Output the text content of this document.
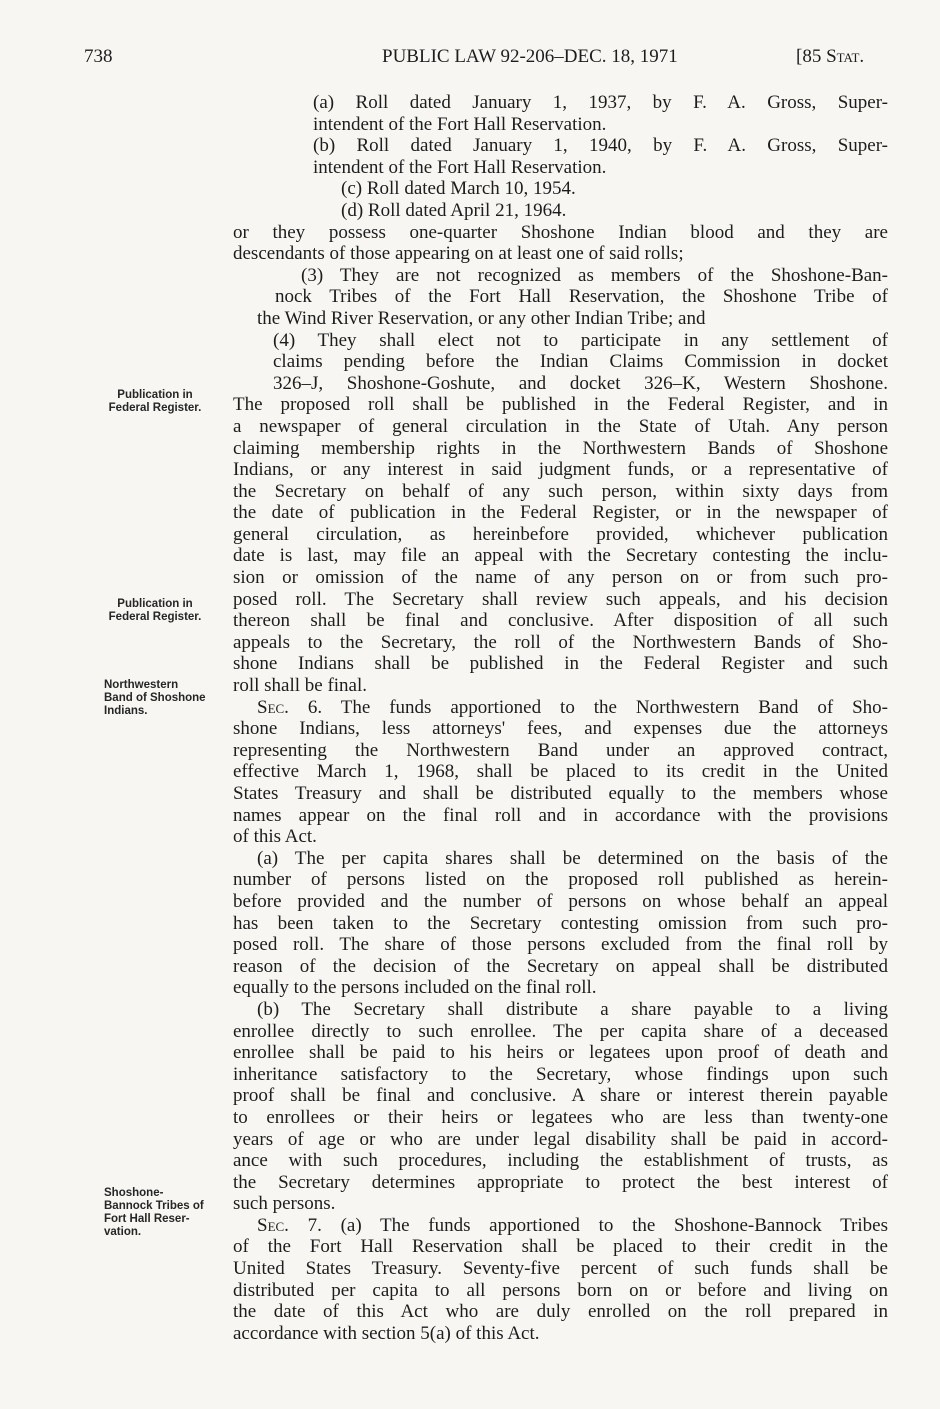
738	PUBLIC LAW 92-206–DEC. 18, 1971	[85 Stat.
Publication in
Federal Register.
Publication in
Federal Register.
Northwestern
Band of Shoshone
Indians.
Shoshone-
Bannock Tribes of
Fort Hall Reser-
vation.
(a) Roll dated January 1, 1937, by F. A. Gross, Super-
intendent of the Fort Hall Reservation.
(b) Roll dated January 1, 1940, by F. A. Gross, Super-
intendent of the Fort Hall Reservation.
(c) Roll dated March 10, 1954.
(d) Roll dated April 21, 1964.
or they possess one-quarter Shoshone Indian blood and they are
descendants of those appearing on at least one of said rolls;
(3) They are not recognized as members of the Shoshone-Ban-
nock Tribes of the Fort Hall Reservation, the Shoshone Tribe of
the Wind River Reservation, or any other Indian Tribe; and
(4) They shall elect not to participate in any settlement of
claims pending before the Indian Claims Commission in docket
326–J, Shoshone-Goshute, and docket 326–K, Western Shoshone.
The proposed roll shall be published in the Federal Register, and in
a newspaper of general circulation in the State of Utah. Any person
claiming membership rights in the Northwestern Bands of Shoshone
Indians, or any interest in said judgment funds, or a representative of
the Secretary on behalf of any such person, within sixty days from
the date of publication in the Federal Register, or in the newspaper of
general circulation, as hereinbefore provided, whichever publication
date is last, may file an appeal with the Secretary contesting the inclu-
sion or omission of the name of any person on or from such pro-
posed roll. The Secretary shall review such appeals, and his decision
thereon shall be final and conclusive. After disposition of all such
appeals to the Secretary, the roll of the Northwestern Bands of Sho-
shone Indians shall be published in the Federal Register and such
roll shall be final.
Sec. 6. The funds apportioned to the Northwestern Band of Sho-
shone Indians, less attorneys' fees, and expenses due the attorneys
representing the Northwestern Band under an approved contract,
effective March 1, 1968, shall be placed to its credit in the United
States Treasury and shall be distributed equally to the members whose
names appear on the final roll and in accordance with the provisions
of this Act.
(a) The per capita shares shall be determined on the basis of the
number of persons listed on the proposed roll published as herein-
before provided and the number of persons on whose behalf an appeal
has been taken to the Secretary contesting omission from such pro-
posed roll. The share of those persons excluded from the final roll by
reason of the decision of the Secretary on appeal shall be distributed
equally to the persons included on the final roll.
(b) The Secretary shall distribute a share payable to a living
enrollee directly to such enrollee. The per capita share of a deceased
enrollee shall be paid to his heirs or legatees upon proof of death and
inheritance satisfactory to the Secretary, whose findings upon such
proof shall be final and conclusive. A share or interest therein payable
to enrollees or their heirs or legatees who are less than twenty-one
years of age or who are under legal disability shall be paid in accord-
ance with such procedures, including the establishment of trusts, as
the Secretary determines appropriate to protect the best interest of
such persons.
Sec. 7. (a) The funds apportioned to the Shoshone-Bannock Tribes
of the Fort Hall Reservation shall be placed to their credit in the
United States Treasury. Seventy-five percent of such funds shall be
distributed per capita to all persons born on or before and living on
the date of this Act who are duly enrolled on the roll prepared in
accordance with section 5(a) of this Act.
